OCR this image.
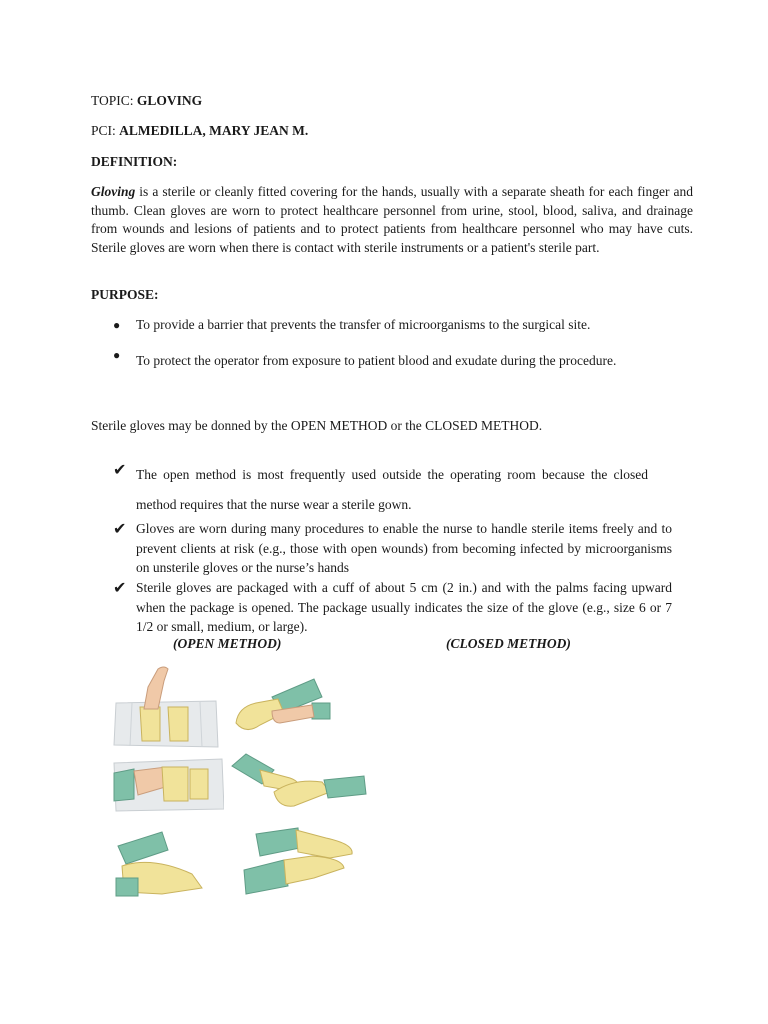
TOPIC: GLOVING
PCI: ALMEDILLA, MARY JEAN M.
DEFINITION:
Gloving is a sterile or cleanly fitted covering for the hands, usually with a separate sheath for each finger and thumb. Clean gloves are worn to protect healthcare personnel from urine, stool, blood, saliva, and drainage from wounds and lesions of patients and to protect patients from healthcare personnel who may have cuts. Sterile gloves are worn when there is contact with sterile instruments or a patient's sterile part.
PURPOSE:
●	To provide a barrier that prevents the transfer of microorganisms to the surgical site.
●	To protect the operator from exposure to patient blood and exudate during the procedure.
Sterile gloves may be donned by the OPEN METHOD or the CLOSED METHOD.
✔ The open method is most frequently used outside the operating room because the closed method requires that the nurse wear a sterile gown.
✔ Gloves are worn during many procedures to enable the nurse to handle sterile items freely and to prevent clients at risk (e.g., those with open wounds) from becoming infected by microorganisms on unsterile gloves or the nurse’s hands
✔ Sterile gloves are packaged with a cuff of about 5 cm (2 in.) and with the palms facing upward when the package is opened. The package usually indicates the size of the glove (e.g., size 6 or 7 1/2 or small, medium, or large).
(OPEN METHOD)	(CLOSED METHOD)
